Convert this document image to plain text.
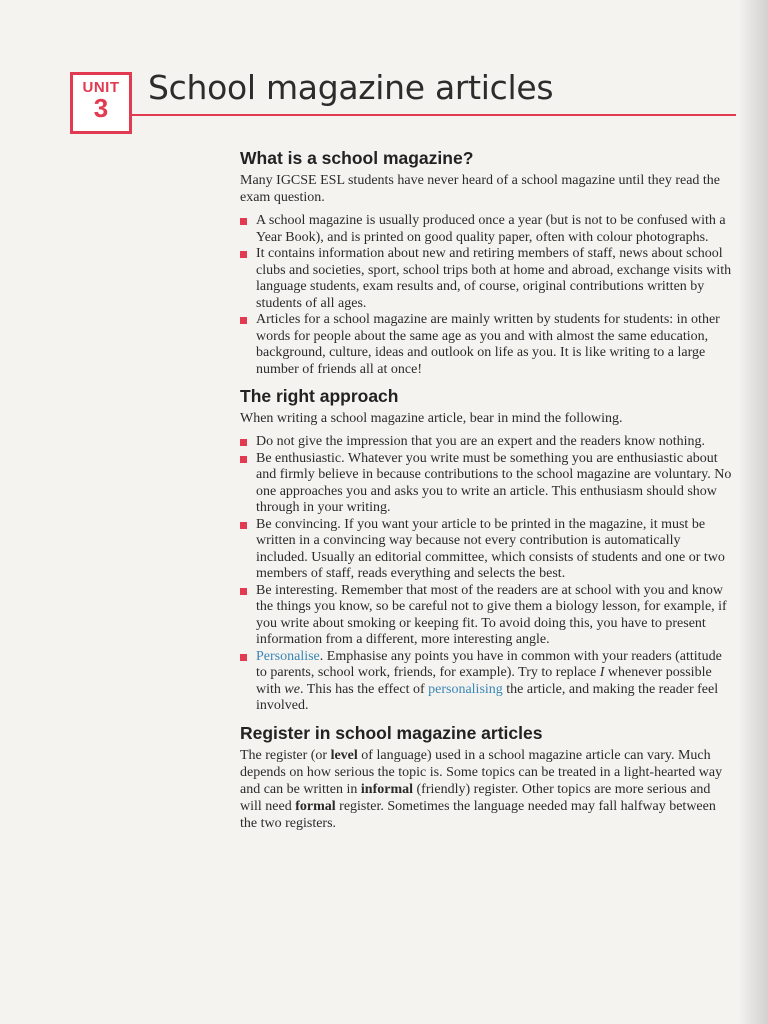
UNIT
3
School magazine articles
What is a school magazine?

Many IGCSE ESL students have never heard of a school magazine until they read the exam question.

A school magazine is usually produced once a year (but is not to be confused with a Year Book), and is printed on good quality paper, often with colour photographs.
It contains information about new and retiring members of staff, news about school clubs and societies, sport, school trips both at home and abroad, exchange visits with language students, exam results and, of course, original contributions written by students of all ages.
Articles for a school magazine are mainly written by students for students: in other words for people about the same age as you and with almost the same education, background, culture, ideas and outlook on life as you. It is like writing to a large number of friends all at once!
The right approach

When writing a school magazine article, bear in mind the following.

Do not give the impression that you are an expert and the readers know nothing.
Be enthusiastic. Whatever you write must be something you are enthusiastic about and firmly believe in because contributions to the school magazine are voluntary. No one approaches you and asks you to write an article. This enthusiasm should show through in your writing.
Be convincing. If you want your article to be printed in the magazine, it must be written in a convincing way because not every contribution is automatically included. Usually an editorial committee, which consists of students and one or two members of staff, reads everything and selects the best.
Be interesting. Remember that most of the readers are at school with you and know the things you know, so be careful not to give them a biology lesson, for example, if you write about smoking or keeping fit. To avoid doing this, you have to present information from a different, more interesting angle.
Personalise. Emphasise any points you have in common with your readers (attitude to parents, school work, friends, for example). Try to replace I whenever possible with we. This has the effect of personalising the article, and making the reader feel involved.
Register in school magazine articles

The register (or level of language) used in a school magazine article can vary. Much depends on how serious the topic is. Some topics can be treated in a light-hearted way and can be written in informal (friendly) register. Other topics are more serious and will need formal register. Sometimes the language needed may fall halfway between the two registers.
